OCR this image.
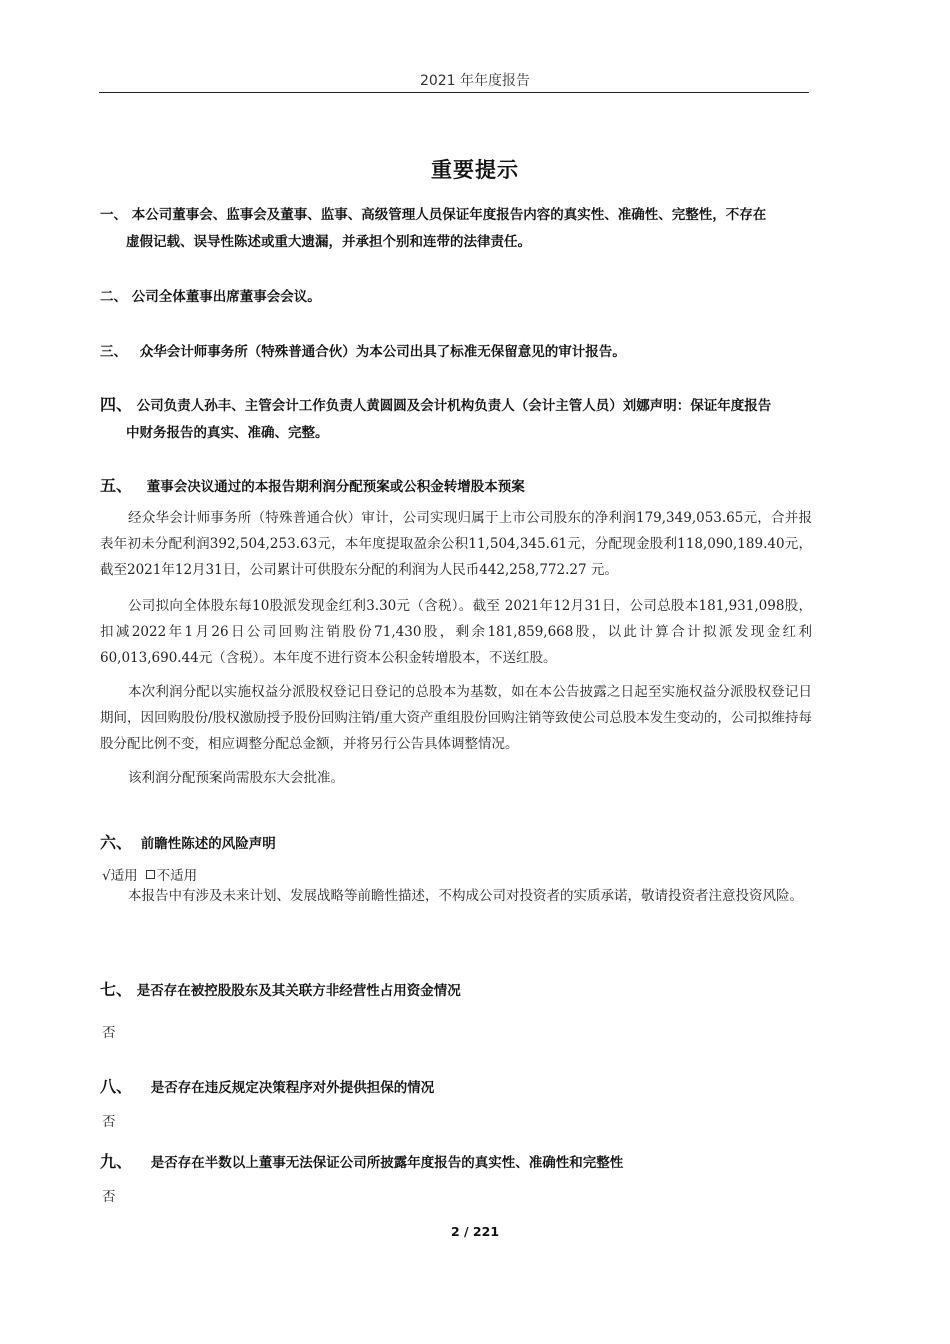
2021 年年度报告
重要提示
一、 本公司董事会、监事会及董事、监事、高级管理人员保证年度报告内容的真实性、准确性、完整性，不存在
虚假记载、误导性陈述或重大遗漏，并承担个别和连带的法律责任。
二、 公司全体董事出席董事会会议。
三、 众华会计师事务所（特殊普通合伙）为本公司出具了标准无保留意见的审计报告。
四、 公司负责人孙丰、主管会计工作负责人黄圆圆及会计机构负责人（会计主管人员）刘娜声明：保证年度报告
中财务报告的真实、准确、完整。
五、 董事会决议通过的本报告期利润分配预案或公积金转增股本预案
经众华会计师事务所（特殊普通合伙）审计，公司实现归属于上市公司股东的净利润179,349,053.65元，合并报表年初未分配利润392,504,253.63元，本年度提取盈余公积11,504,345.61元，分配现金股利118,090,189.40元，截至2021年12月31日，公司累计可供股东分配的利润为人民币442,258,772.27 元。
公司拟向全体股东每10股派发现金红利3.30元（含税）。截至 2021年12月31日，公司总股本181,931,098股，扣减2022年1月26日公司回购注销股份71,430股，剩余181,859,668股，以此计算合计拟派发现金红利60,013,690.44元（含税）。本年度不进行资本公积金转增股本，不送红股。
本次利润分配以实施权益分派股权登记日登记的总股本为基数，如在本公告披露之日起至实施权益分派股权登记日期间，因回购股份/股权激励授予股份回购注销/重大资产重组股份回购注销等致使公司总股本发生变动的，公司拟维持每股分配比例不变，相应调整分配总金额，并将另行公告具体调整情况。
该利润分配预案尚需股东大会批准。
六、 前瞻性陈述的风险声明
√适用 不适用
本报告中有涉及未来计划、发展战略等前瞻性描述，不构成公司对投资者的实质承诺，敬请投资者注意投资风险。
七、 是否存在被控股股东及其关联方非经营性占用资金情况
否
八、 是否存在违反规定决策程序对外提供担保的情况
否
九、 是否存在半数以上董事无法保证公司所披露年度报告的真实性、准确性和完整性
否
2 / 221
